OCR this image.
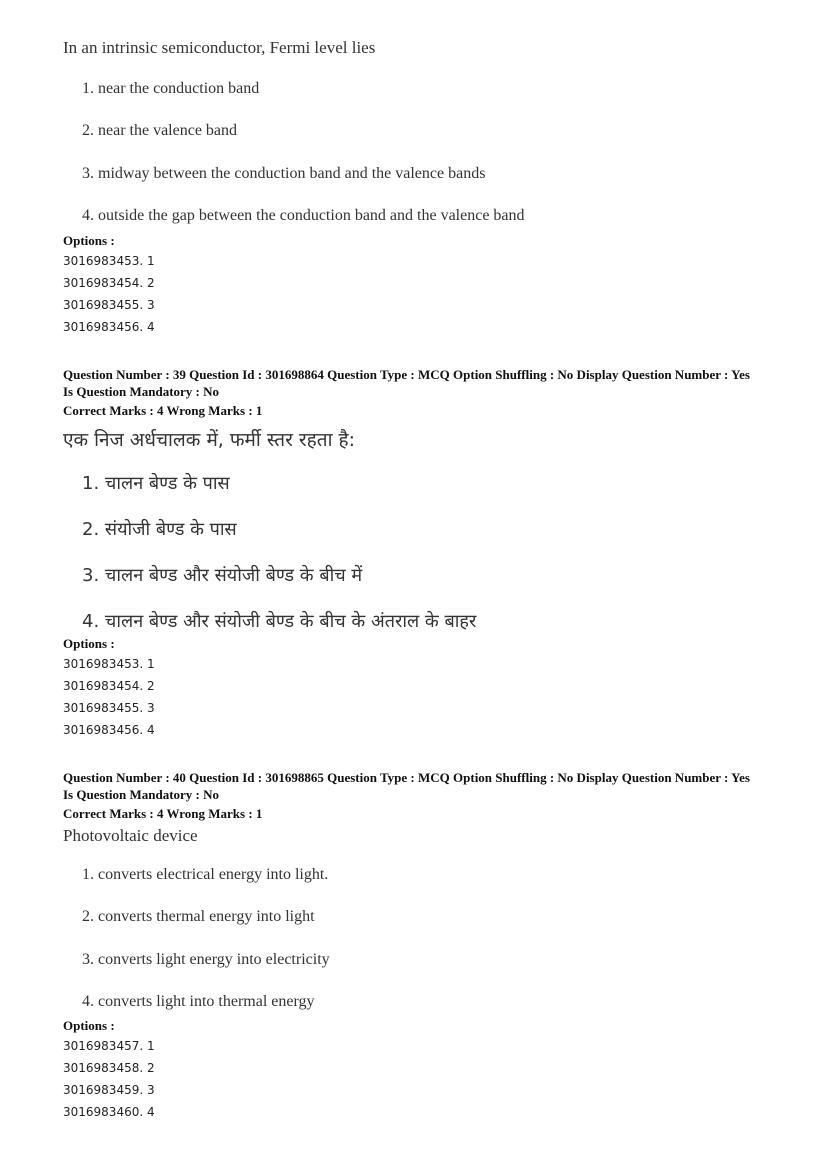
In an intrinsic semiconductor, Fermi level lies
1. near the conduction band
2. near the valence band
3. midway between the conduction band and the valence bands
4. outside the gap between the conduction band and the valence band
Options :
3016983453. 1
3016983454. 2
3016983455. 3
3016983456. 4
Question Number : 39 Question Id : 301698864 Question Type : MCQ Option Shuffling : No Display Question Number : Yes Is Question Mandatory : No
Correct Marks : 4 Wrong Marks : 1
एक निज अर्धचालक में, फर्मी स्तर रहता है:
1. चालन बेण्ड के पास
2. संयोजी बेण्ड के पास
3. चालन बेण्ड और संयोजी बेण्ड के बीच में
4. चालन बेण्ड और संयोजी बेण्ड के बीच के अंतराल के बाहर
Options :
3016983453. 1
3016983454. 2
3016983455. 3
3016983456. 4
Question Number : 40 Question Id : 301698865 Question Type : MCQ Option Shuffling : No Display Question Number : Yes Is Question Mandatory : No
Correct Marks : 4 Wrong Marks : 1
Photovoltaic device
1. converts electrical energy into light.
2. converts thermal energy into light
3. converts light energy into electricity
4. converts light into thermal energy
Options :
3016983457. 1
3016983458. 2
3016983459. 3
3016983460. 4
